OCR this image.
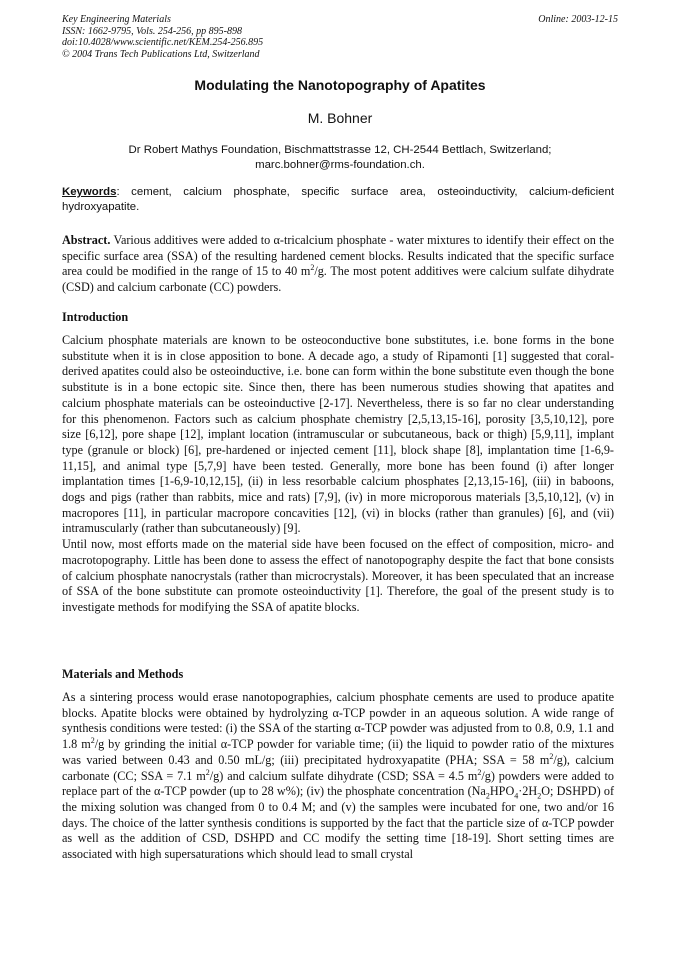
Key Engineering Materials
ISSN: 1662-9795, Vols. 254-256, pp 895-898
doi:10.4028/www.scientific.net/KEM.254-256.895
© 2004 Trans Tech Publications Ltd, Switzerland
Online: 2003-12-15
Modulating the Nanotopography of Apatites
M. Bohner
Dr Robert Mathys Foundation, Bischmattstrasse 12, CH-2544 Bettlach, Switzerland;
marc.bohner@rms-foundation.ch.
Keywords: cement, calcium phosphate, specific surface area, osteoinductivity, calcium-deficient hydroxyapatite.
Abstract. Various additives were added to α-tricalcium phosphate - water mixtures to identify their effect on the specific surface area (SSA) of the resulting hardened cement blocks. Results indicated that the specific surface area could be modified in the range of 15 to 40 $m^2/g$. The most potent additives were calcium sulfate dihydrate (CSD) and calcium carbonate (CC) powders.
Introduction

Calcium phosphate materials are known to be osteoconductive bone substitutes, i.e. bone forms in the bone substitute when it is in close apposition to bone. A decade ago, a study of Ripamonti [1] suggested that coral-derived apatites could also be osteoinductive, i.e. bone can form within the bone substitute even though the bone substitute is in a bone ectopic site. Since then, there has been numerous studies showing that apatites and calcium phosphate materials can be osteoinductive [2-17]. Nevertheless, there is so far no clear understanding for this phenomenon. Factors such as calcium phosphate chemistry [2,5,13,15-16], porosity [3,5,10,12], pore size [6,12], pore shape [12], implant location (intramuscular or subcutaneous, back or thigh) [5,9,11], implant type (granule or block) [6], pre-hardened or injected cement [11], block shape [8], implantation time [1-6,9-11,15], and animal type [5,7,9] have been tested. Generally, more bone has been found (i) after longer implantation times [1-6,9-10,12,15], (ii) in less resorbable calcium phosphates [2,13,15-16], (iii) in baboons, dogs and pigs (rather than rabbits, mice and rats) [7,9], (iv) in more microporous materials [3,5,10,12], (v) in macropores [11], in particular macropore concavities [12], (vi) in blocks (rather than granules) [6], and (vii) intramuscularly (rather than subcutaneously) [9].

Until now, most efforts made on the material side have been focused on the effect of composition, micro- and macrotopography. Little has been done to assess the effect of nanotopography despite the fact that bone consists of calcium phosphate nanocrystals (rather than microcrystals). Moreover, it has been speculated that an increase of SSA of the bone substitute can promote osteoinductivity [1]. Therefore, the goal of the present study is to investigate methods for modifying the SSA of apatite blocks.

Materials and Methods
As a sintering process would erase nanotopographies, calcium phosphate cements are used to produce apatite blocks. Apatite blocks were obtained by hydrolyzing α-TCP powder in an aqueous solution. A wide range of synthesis conditions were tested: (i) the SSA of the starting α-TCP powder was adjusted from to 0.8, 0.9, 1.1 and 1.8 $m^2/g$ by grinding the initial α-TCP powder for variable time; (ii) the liquid to powder ratio of the mixtures was varied between 0.43 and 0.50 mL/g; (iii) precipitated hydroxyapatite (PHA; SSA = 58 $m^2/g$), calcium carbonate (CC; SSA = 7.1 $m^2/g$) and calcium sulfate dihydrate (CSD; SSA = 4.5 $m^2/g$) powders were added to replace part of the α-TCP powder (up to 28 w%); (iv) the phosphate concentration ($Na_2HPO_4\cdot 2H_2O$; DSHPD) of the mixing solution was changed from 0 to 0.4 M; and (v) the samples were incubated for one, two and/or 16 days. The choice of the latter synthesis conditions is supported by the fact that the particle size of α-TCP powder as well as the addition of CSD, DSHPD and CC modify the setting time [18-19]. Short setting times are associated with high supersaturations which should lead to small crystal
